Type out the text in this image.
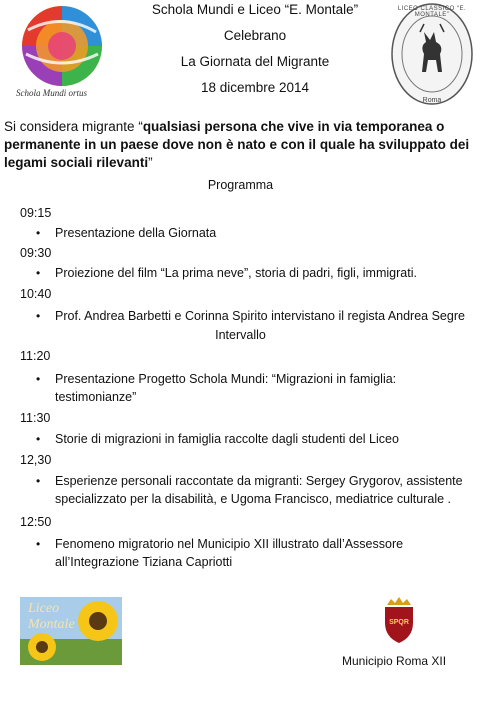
Schola Mundi ortus
Schola Mundi e Liceo “E. Montale”
Celebrano
La Giornata del Migrante
18 dicembre 2014
LICEO CLASSICO “E. MONTALE”
Roma
Si considera migrante “qualsiasi persona che vive in via temporanea o permanente in un paese dove non è nato e con il quale ha sviluppato dei legami sociali rilevanti”
Programma
09:15
• Presentazione della Giornata
09:30
• Proiezione del film “La prima neve”, storia di padri, figli, immigrati.
10:40
• Prof. Andrea Barbetti e Corinna Spirito intervistano il regista Andrea Segre
Intervallo
11:20
• Presentazione Progetto Schola Mundi: “Migrazioni in famiglia: testimonianze”
11:30
• Storie di migrazioni in famiglia raccolte dagli studenti del Liceo
12,30
• Esperienze personali raccontate da migranti: Sergey Grygorov, assistente specializzato per la disabilità, e Ugoma Francisco, mediatrice culturale .
12:50
• Fenomeno migratorio nel Municipio XII illustrato dall’Assessore all’Integrazione Tiziana Capriotti
Liceo Montale	SPQR
Municipio Roma XII
